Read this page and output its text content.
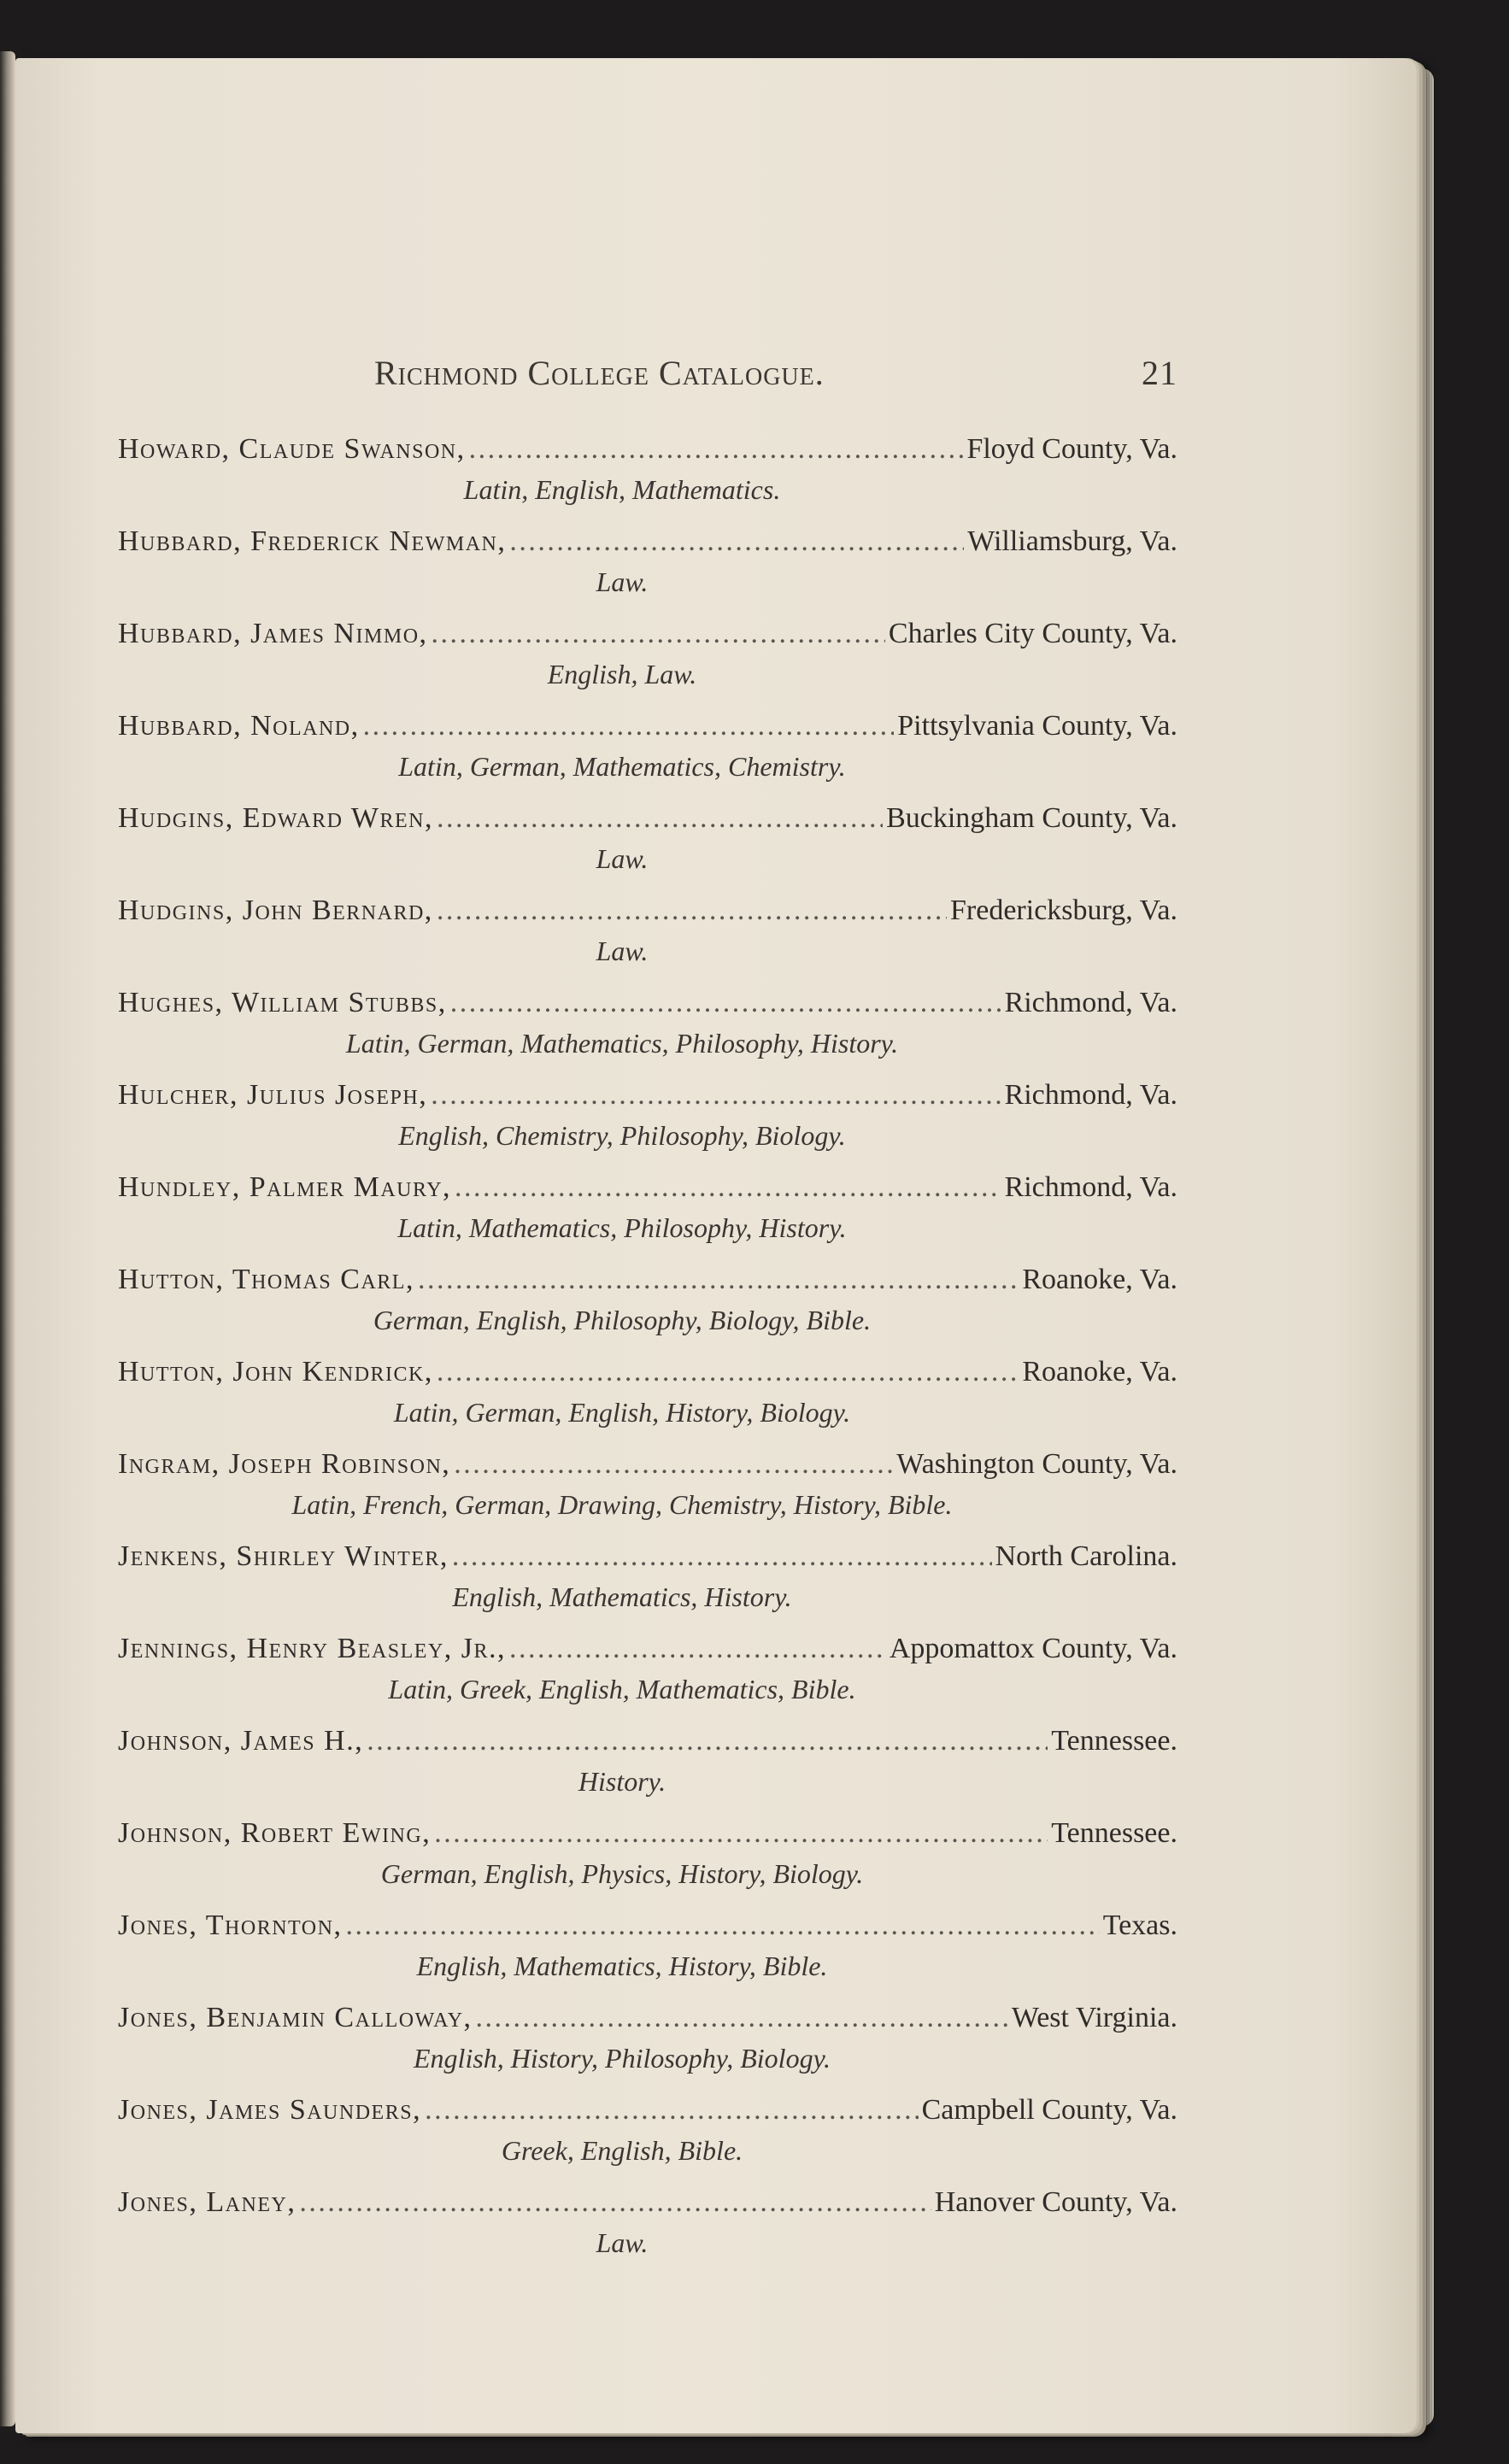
Richmond College Catalogue.	21
Howard, Claude Swanson, . . .	Floyd County, Va.
Latin, English, Mathematics.
Hubbard, Frederick Newman, . . .	Williamsburg, Va.
Law.
Hubbard, James Nimmo, . . .	Charles City County, Va.
English, Law.
Hubbard, Noland, . . .	Pittsylvania County, Va.
Latin, German, Mathematics, Chemistry.
Hudgins, Edward Wren, . . .	Buckingham County, Va.
Law.
Hudgins, John Bernard, . . .	Fredericksburg, Va.
Law.
Hughes, William Stubbs, . . .	Richmond, Va.
Latin, German, Mathematics, Philosophy, History.
Hulcher, Julius Joseph, . . .	Richmond, Va.
English, Chemistry, Philosophy, Biology.
Hundley, Palmer Maury, . . .	Richmond, Va.
Latin, Mathematics, Philosophy, History.
Hutton, Thomas Carl, . . .	Roanoke, Va.
German, English, Philosophy, Biology, Bible.
Hutton, John Kendrick, . . .	Roanoke, Va.
Latin, German, English, History, Biology.
Ingram, Joseph Robinson, . . .	Washington County, Va.
Latin, French, German, Drawing, Chemistry, History, Bible.
Jenkens, Shirley Winter, . . .	North Carolina.
English, Mathematics, History.
Jennings, Henry Beasley, Jr., . . .	Appomattox County, Va.
Latin, Greek, English, Mathematics, Bible.
Johnson, James H., . . .	Tennessee.
History.
Johnson, Robert Ewing, . . .	Tennessee.
German, English, Physics, History, Biology.
Jones, Thornton, . . .	Texas.
English, Mathematics, History, Bible.
Jones, Benjamin Calloway, . . .	West Virginia.
English, History, Philosophy, Biology.
Jones, James Saunders, . . .	Campbell County, Va.
Greek, English, Bible.
Jones, Laney, . . .	Hanover County, Va.
Law.
